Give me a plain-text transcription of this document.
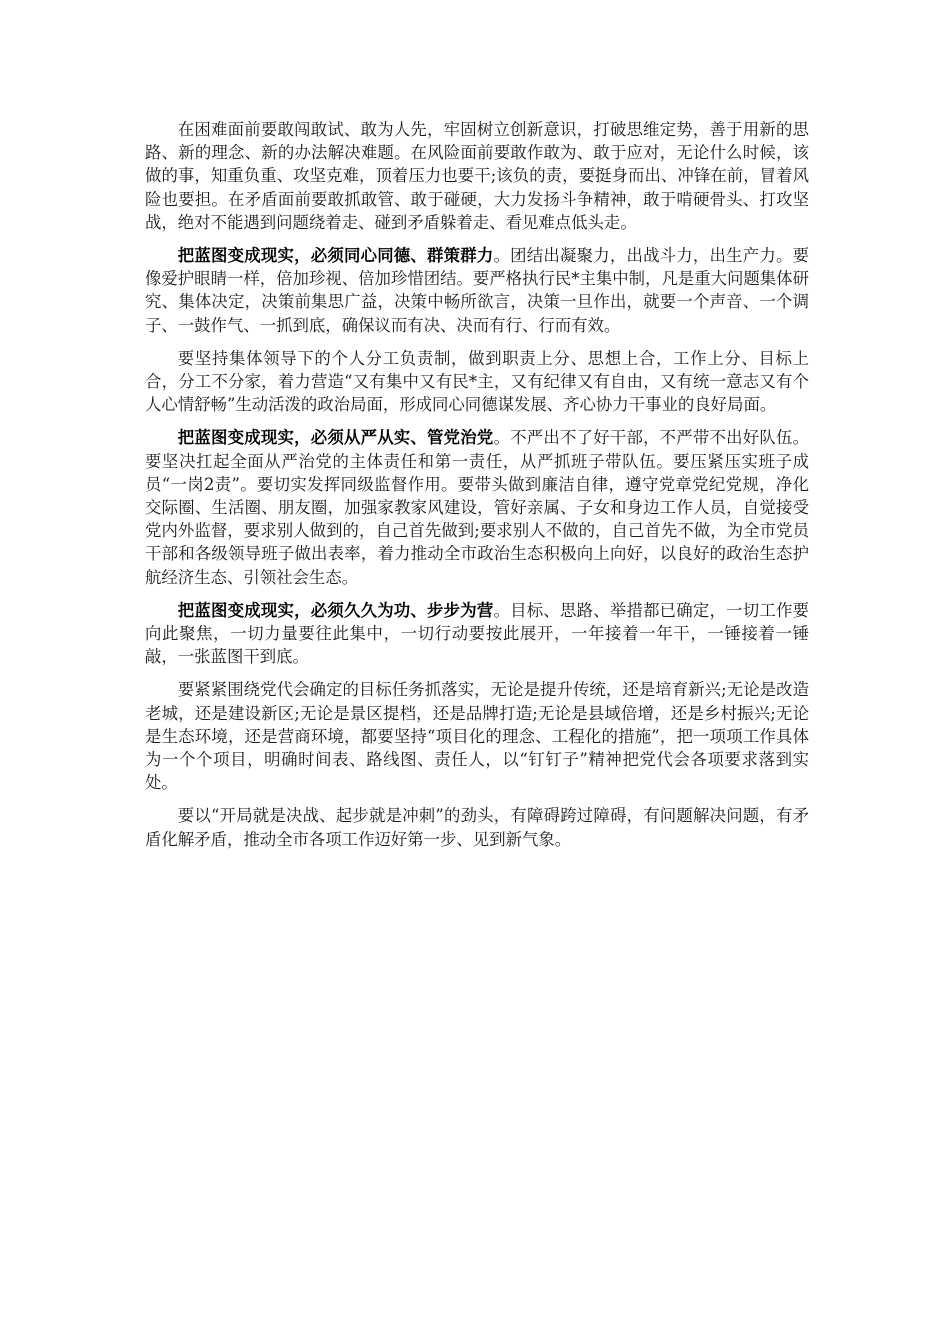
在困难面前要敢闯敢试、敢为人先，牢固树立创新意识，打破思维定势，善于用新的思路、新的理念、新的办法解决难题。在风险面前要敢作敢为、敢于应对，无论什么时候，该做的事，知重负重、攻坚克难，顶着压力也要干;该负的责，要挺身而出、冲锋在前，冒着风险也要担。在矛盾面前要敢抓敢管、敢于碰硬，大力发扬斗争精神，敢于啃硬骨头、打攻坚战，绝对不能遇到问题绕着走、碰到矛盾躲着走、看见难点低头走。

把蓝图变成现实，必须同心同德、群策群力。团结出凝聚力，出战斗力，出生产力。要像爱护眼睛一样，倍加珍视、倍加珍惜团结。要严格执行民*主集中制，凡是重大问题集体研究、集体决定，决策前集思广益，决策中畅所欲言，决策一旦作出，就要一个声音、一个调子、一鼓作气、一抓到底，确保议而有决、决而有行、行而有效。

要坚持集体领导下的个人分工负责制，做到职责上分、思想上合，工作上分、目标上合，分工不分家，着力营造“又有集中又有民*主，又有纪律又有自由，又有统一意志又有个人心情舒畅”生动活泼的政治局面，形成同心同德谋发展、齐心协力干事业的良好局面。

把蓝图变成现实，必须从严从实、管党治党。不严出不了好干部，不严带不出好队伍。要坚决扛起全面从严治党的主体责任和第一责任，从严抓班子带队伍。要压紧压实班子成员“一岗2责”。要切实发挥同级监督作用。要带头做到廉洁自律，遵守党章党纪党规，净化交际圈、生活圈、朋友圈，加强家教家风建设，管好亲属、子女和身边工作人员，自觉接受党内外监督，要求别人做到的，自己首先做到;要求别人不做的，自己首先不做，为全市党员干部和各级领导班子做出表率，着力推动全市政治生态积极向上向好，以良好的政治生态护航经济生态、引领社会生态。

把蓝图变成现实，必须久久为功、步步为营。目标、思路、举措都已确定，一切工作要向此聚焦，一切力量要往此集中，一切行动要按此展开，一年接着一年干，一锤接着一锤敲，一张蓝图干到底。

要紧紧围绕党代会确定的目标任务抓落实，无论是提升传统，还是培育新兴;无论是改造老城，还是建设新区;无论是景区提档，还是品牌打造;无论是县域倍增，还是乡村振兴;无论是生态环境，还是营商环境，都要坚持“项目化的理念、工程化的措施”，把一项项工作具体为一个个项目，明确时间表、路线图、责任人，以“钉钉子”精神把党代会各项要求落到实处。

要以“开局就是决战、起步就是冲刺”的劲头，有障碍跨过障碍，有问题解决问题，有矛盾化解矛盾，推动全市各项工作迈好第一步、见到新气象。
